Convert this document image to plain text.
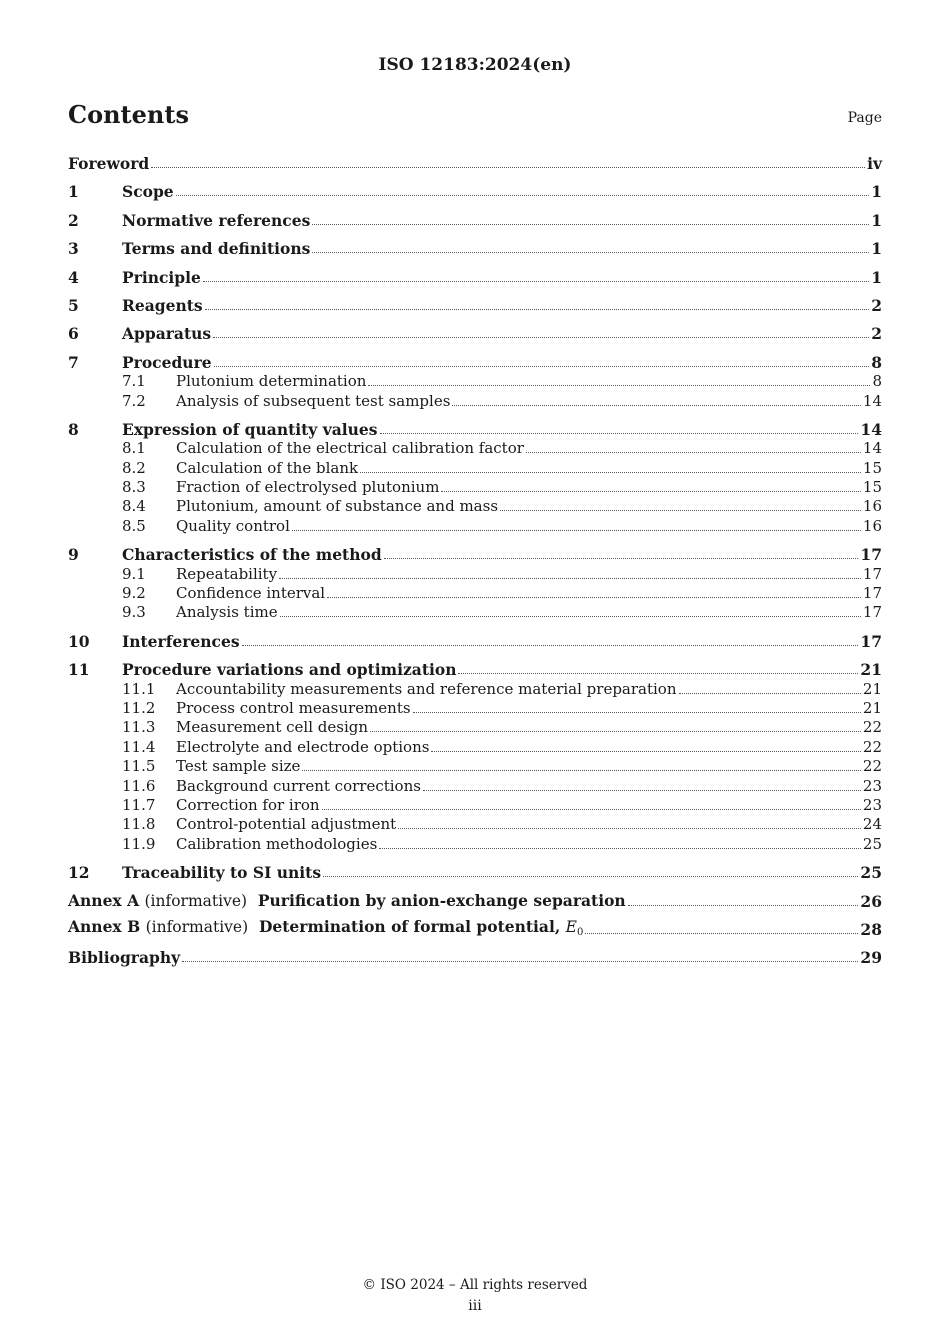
ISO 12183:2024(en)
Contents	Page
Foreword	iv
1	Scope	1
2	Normative references	1
3	Terms and definitions	1
4	Principle	1
5	Reagents	2
6	Apparatus	2
7	Procedure	8
7.1	Plutonium determination	8
7.2	Analysis of subsequent test samples	14
8	Expression of quantity values	14
8.1	Calculation of the electrical calibration factor	14
8.2	Calculation of the blank	15
8.3	Fraction of electrolysed plutonium	15
8.4	Plutonium, amount of substance and mass	16
8.5	Quality control	16
9	Characteristics of the method	17
9.1	Repeatability	17
9.2	Confidence interval	17
9.3	Analysis time	17
10	Interferences	17
11	Procedure variations and optimization	21
11.1	Accountability measurements and reference material preparation	21
11.2	Process control measurements	21
11.3	Measurement cell design	22
11.4	Electrolyte and electrode options	22
11.5	Test sample size	22
11.6	Background current corrections	23
11.7	Correction for iron	23
11.8	Control-potential adjustment	24
11.9	Calibration methodologies	25
12	Traceability to SI units	25
Annex A (informative) Purification by anion-exchange separation	26
Annex B (informative) Determination of formal potential, E0	28
Bibliography	29
© ISO 2024 – All rights reserved
iii
